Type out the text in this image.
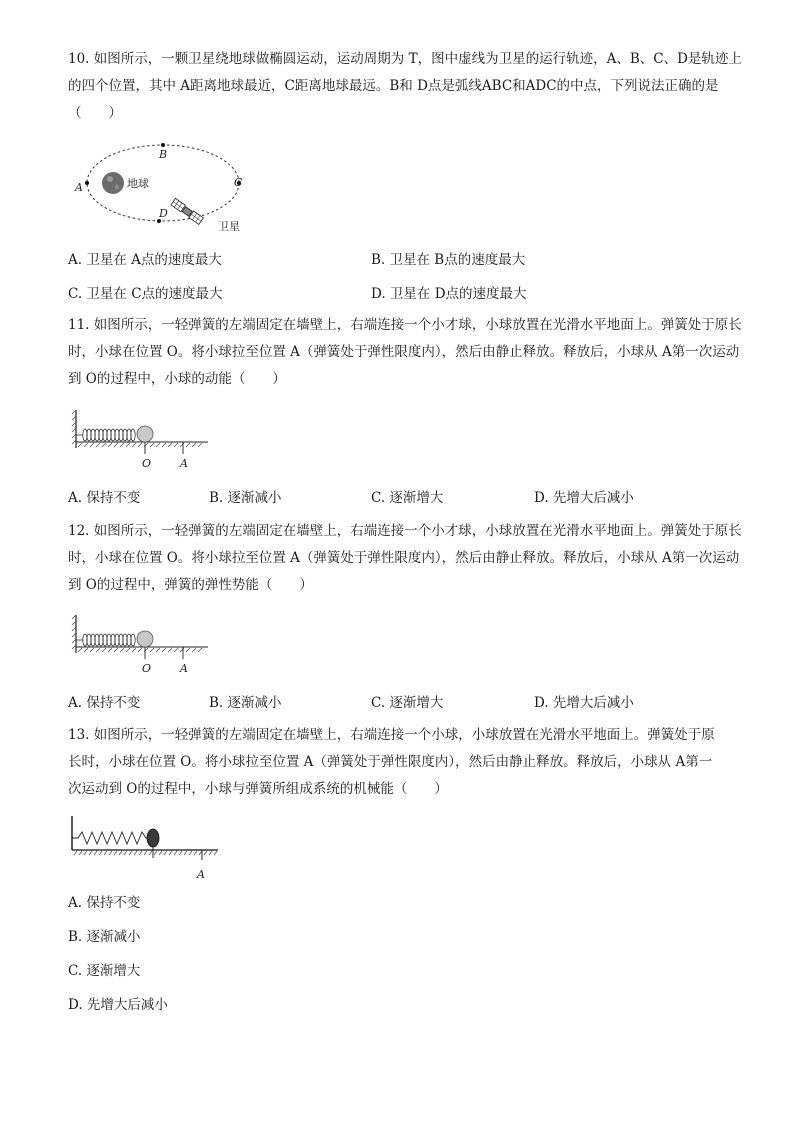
10. 如图所示，一颗卫星绕地球做椭圆运动，运动周期为 T，图中虚线为卫星的运行轨迹，A、B、C、D是轨迹上的四个位置，其中 A距离地球最近，C距离地球最远。B和 D点是弧线ABC和ADC的中点，下列说法正确的是（　　）

地球
A
B
C
D
卫星
A. 卫星在 A点的速度最大	B. 卫星在 B点的速度最大
C. 卫星在 C点的速度最大	D. 卫星在 D点的速度最大

11. 如图所示，一轻弹簧的左端固定在墙壁上，右端连接一个小才球，小球放置在光滑水平地面上。弹簧处于原长时，小球在位置 O。将小球拉至位置 A（弹簧处于弹性限度内），然后由静止释放。释放后，小球从 A第一次运动到 O的过程中，小球的动能（　　）

O	A
A. 保持不变	B. 逐渐减小	C. 逐渐增大	D. 先增大后减小

12. 如图所示，一轻弹簧的左端固定在墙壁上，右端连接一个小才球，小球放置在光滑水平地面上。弹簧处于原长时，小球在位置 O。将小球拉至位置 A（弹簧处于弹性限度内），然后由静止释放。释放后，小球从 A第一次运动到 O的过程中，弹簧的弹性势能（　　）

O	A
A. 保持不变	B. 逐渐减小	C. 逐渐增大	D. 先增大后减小

13. 如图所示，一轻弹簧的左端固定在墙壁上，右端连接一个小球，小球放置在光滑水平地面上。弹簧处于原长时，小球在位置 O。将小球拉至位置 A（弹簧处于弹性限度内），然后由静止释放。释放后，小球从 A第一次运动到 O的过程中，小球与弹簧所组成系统的机械能（　　）

A
A. 保持不变
B. 逐渐减小
C. 逐渐增大
D. 先增大后减小
